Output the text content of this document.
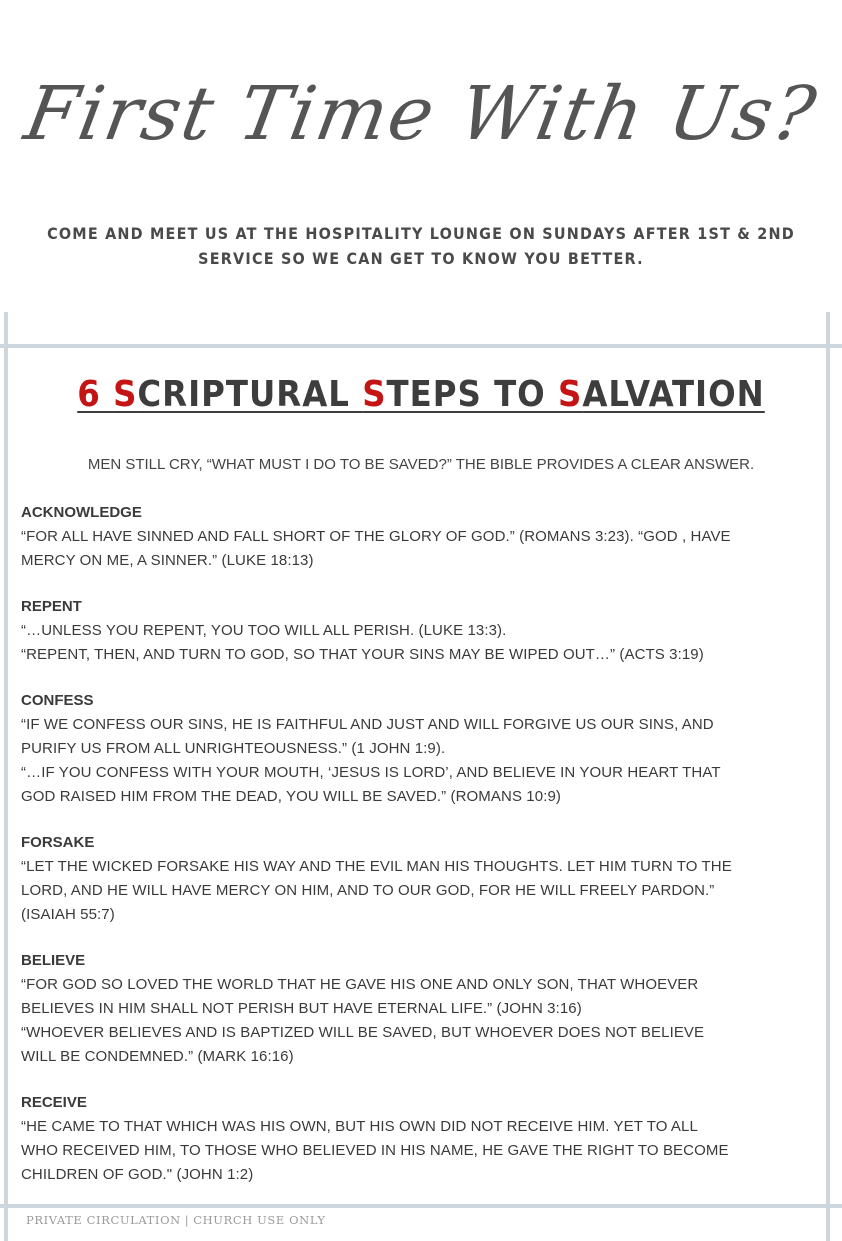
First Time With Us?
COME AND MEET US AT THE HOSPITALITY LOUNGE ON SUNDAYS AFTER 1ST & 2ND SERVICE SO WE CAN GET TO KNOW YOU BETTER.
6 SCRIPTURAL STEPS TO SALVATION
MEN STILL CRY, “WHAT MUST I DO TO BE SAVED?” THE BIBLE PROVIDES A CLEAR ANSWER.
ACKNOWLEDGE
“FOR ALL HAVE SINNED AND FALL SHORT OF THE GLORY OF GOD.” (ROMANS 3:23). “GOD , HAVE
MERCY ON ME, A SINNER.” (LUKE 18:13)
REPENT
“…UNLESS YOU REPENT, YOU TOO WILL ALL PERISH. (LUKE 13:3).
“REPENT, THEN, AND TURN TO GOD, SO THAT YOUR SINS MAY BE WIPED OUT…” (ACTS 3:19)
CONFESS
“IF WE CONFESS OUR SINS, HE IS FAITHFUL AND JUST AND WILL FORGIVE US OUR SINS, AND
PURIFY US FROM ALL UNRIGHTEOUSNESS.” (1 JOHN 1:9).
“…IF YOU CONFESS WITH YOUR MOUTH, ‘JESUS IS LORD’, AND BELIEVE IN YOUR HEART THAT
GOD RAISED HIM FROM THE DEAD, YOU WILL BE SAVED.” (ROMANS 10:9)
FORSAKE
“LET THE WICKED FORSAKE HIS WAY AND THE EVIL MAN HIS THOUGHTS. LET HIM TURN TO THE
LORD, AND HE WILL HAVE MERCY ON HIM, AND TO OUR GOD, FOR HE WILL FREELY PARDON.”
(ISAIAH 55:7)
BELIEVE
“FOR GOD SO LOVED THE WORLD THAT HE GAVE HIS ONE AND ONLY SON, THAT WHOEVER
BELIEVES IN HIM SHALL NOT PERISH BUT HAVE ETERNAL LIFE.” (JOHN 3:16)
“WHOEVER BELIEVES AND IS BAPTIZED WILL BE SAVED, BUT WHOEVER DOES NOT BELIEVE
WILL BE CONDEMNED.” (MARK 16:16)
RECEIVE
“HE CAME TO THAT WHICH WAS HIS OWN, BUT HIS OWN DID NOT RECEIVE HIM. YET TO ALL
WHO RECEIVED HIM, TO THOSE WHO BELIEVED IN HIS NAME, HE GAVE THE RIGHT TO BECOME
CHILDREN OF GOD." (JOHN 1:2)
PRIVATE CIRCULATION | CHURCH USE ONLY
